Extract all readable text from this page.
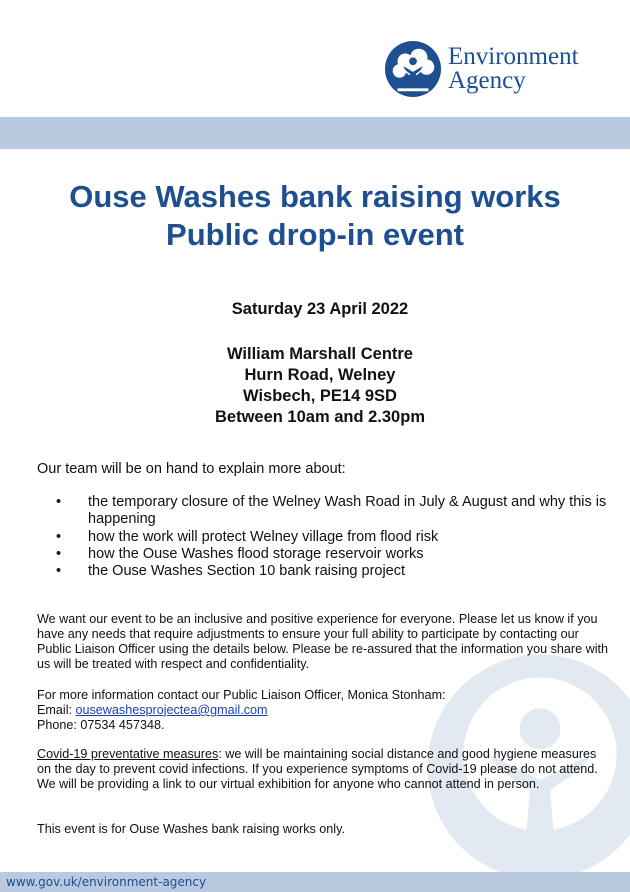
Environment
Agency
Ouse Washes bank raising works
Public drop-in event
Saturday 23 April 2022
William Marshall Centre
Hurn Road, Welney
Wisbech, PE14 9SD
Between 10am and 2.30pm
Our team will be on hand to explain more about:
• the temporary closure of the Welney Wash Road in July & August and why this is happening
• how the work will protect Welney village from flood risk
• how the Ouse Washes flood storage reservoir works
• the Ouse Washes Section 10 bank raising project
We want our event to be an inclusive and positive experience for everyone. Please let us know if you have any needs that require adjustments to ensure your full ability to participate by contacting our Public Liaison Officer using the details below. Please be re-assured that the information you share with us will be treated with respect and confidentiality.
For more information contact our Public Liaison Officer, Monica Stonham:
Email: ousewashesprojectea@gmail.com
Phone: 07534 457348.
Covid-19 preventative measures: we will be maintaining social distance and good hygiene measures on the day to prevent covid infections. If you experience symptoms of Covid-19 please do not attend. We will be providing a link to our virtual exhibition for anyone who cannot attend in person.
This event is for Ouse Washes bank raising works only.
www.gov.uk/environment-agency
